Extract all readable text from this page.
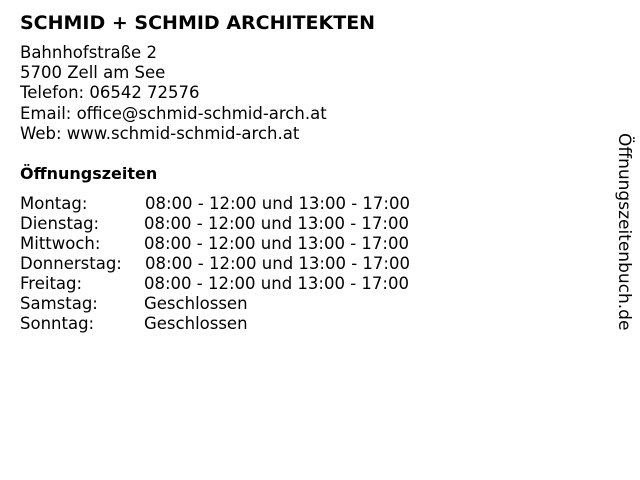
SCHMID + SCHMID ARCHITEKTEN
Bahnhofstraße 2
5700 Zell am See
Telefon: 06542 72576
Email: office@schmid-schmid-arch.at
Web: www.schmid-schmid-arch.at
Öffnungszeiten
Montag:	08:00 - 12:00 und 13:00 - 17:00
Dienstag:	08:00 - 12:00 und 13:00 - 17:00
Mittwoch:	08:00 - 12:00 und 13:00 - 17:00
Donnerstag: 08:00 - 12:00 und 13:00 - 17:00
Freitag:	08:00 - 12:00 und 13:00 - 17:00
Samstag:	Geschlossen
Sonntag:	Geschlossen	Öffnungszeitenbuch.de
